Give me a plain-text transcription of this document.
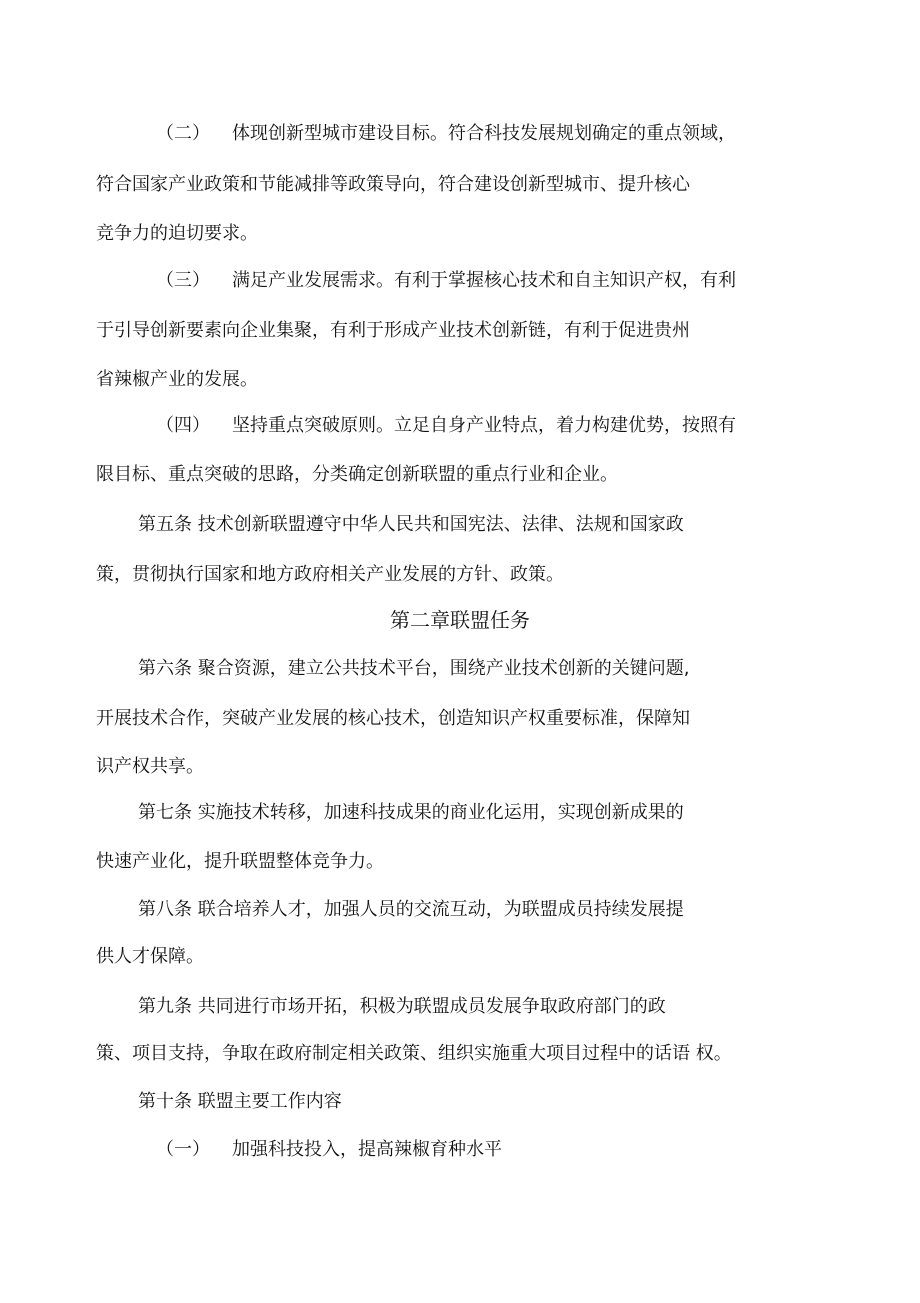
（二） 体现创新型城市建设目标。符合科技发展规划确定的重点领域，
符合国家产业政策和节能减排等政策导向，符合建设创新型城市、提升核心
竞争力的迫切要求。
（三） 满足产业发展需求。有利于掌握核心技术和自主知识产权，有利
于引导创新要素向企业集聚，有利于形成产业技术创新链，有利于促进贵州
省辣椒产业的发展。
（四） 坚持重点突破原则。立足自身产业特点，着力构建优势，按照有
限目标、重点突破的思路，分类确定创新联盟的重点行业和企业。
第五条 技术创新联盟遵守中华人民共和国宪法、法律、法规和国家政
策，贯彻执行国家和地方政府相关产业发展的方针、政策。
第二章联盟任务
第六条 聚合资源，建立公共技术平台，围绕产业技术创新的关键问题,
开展技术合作，突破产业发展的核心技术，创造知识产权重要标准，保障知
识产权共享。
第七条 实施技术转移，加速科技成果的商业化运用，实现创新成果的
快速产业化，提升联盟整体竞争力。
第八条 联合培养人才，加强人员的交流互动，为联盟成员持续发展提
供人才保障。
第九条 共同进行市场开拓，积极为联盟成员发展争取政府部门的政
策、项目支持，争取在政府制定相关政策、组织实施重大项目过程中的话语 权。
第十条 联盟主要工作内容
（一） 加强科技投入，提高辣椒育种水平
